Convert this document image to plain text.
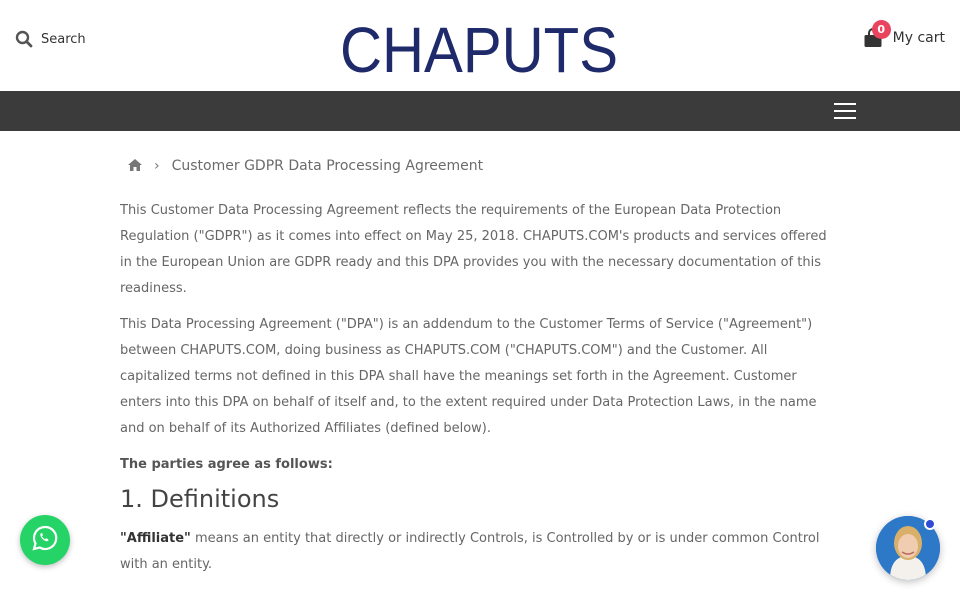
Search	CHAPUTS	0
My cart
› Customer GDPR Data Processing Agreement

This Customer Data Processing Agreement reflects the requirements of the European Data Protection Regulation ("GDPR") as it comes into effect on May 25, 2018. CHAPUTS.COM's products and services offered in the European Union are GDPR ready and this DPA provides you with the necessary documentation of this readiness.

This Data Processing Agreement ("DPA") is an addendum to the Customer Terms of Service ("Agreement") between CHAPUTS.COM, doing business as CHAPUTS.COM ("CHAPUTS.COM") and the Customer. All capitalized terms not defined in this DPA shall have the meanings set forth in the Agreement. Customer enters into this DPA on behalf of itself and, to the extent required under Data Protection Laws, in the name and on behalf of its Authorized Affiliates (defined below).

The parties agree as follows:

1. Definitions

"Affiliate" means an entity that directly or indirectly Controls, is Controlled by or is under common Control with an entity.
